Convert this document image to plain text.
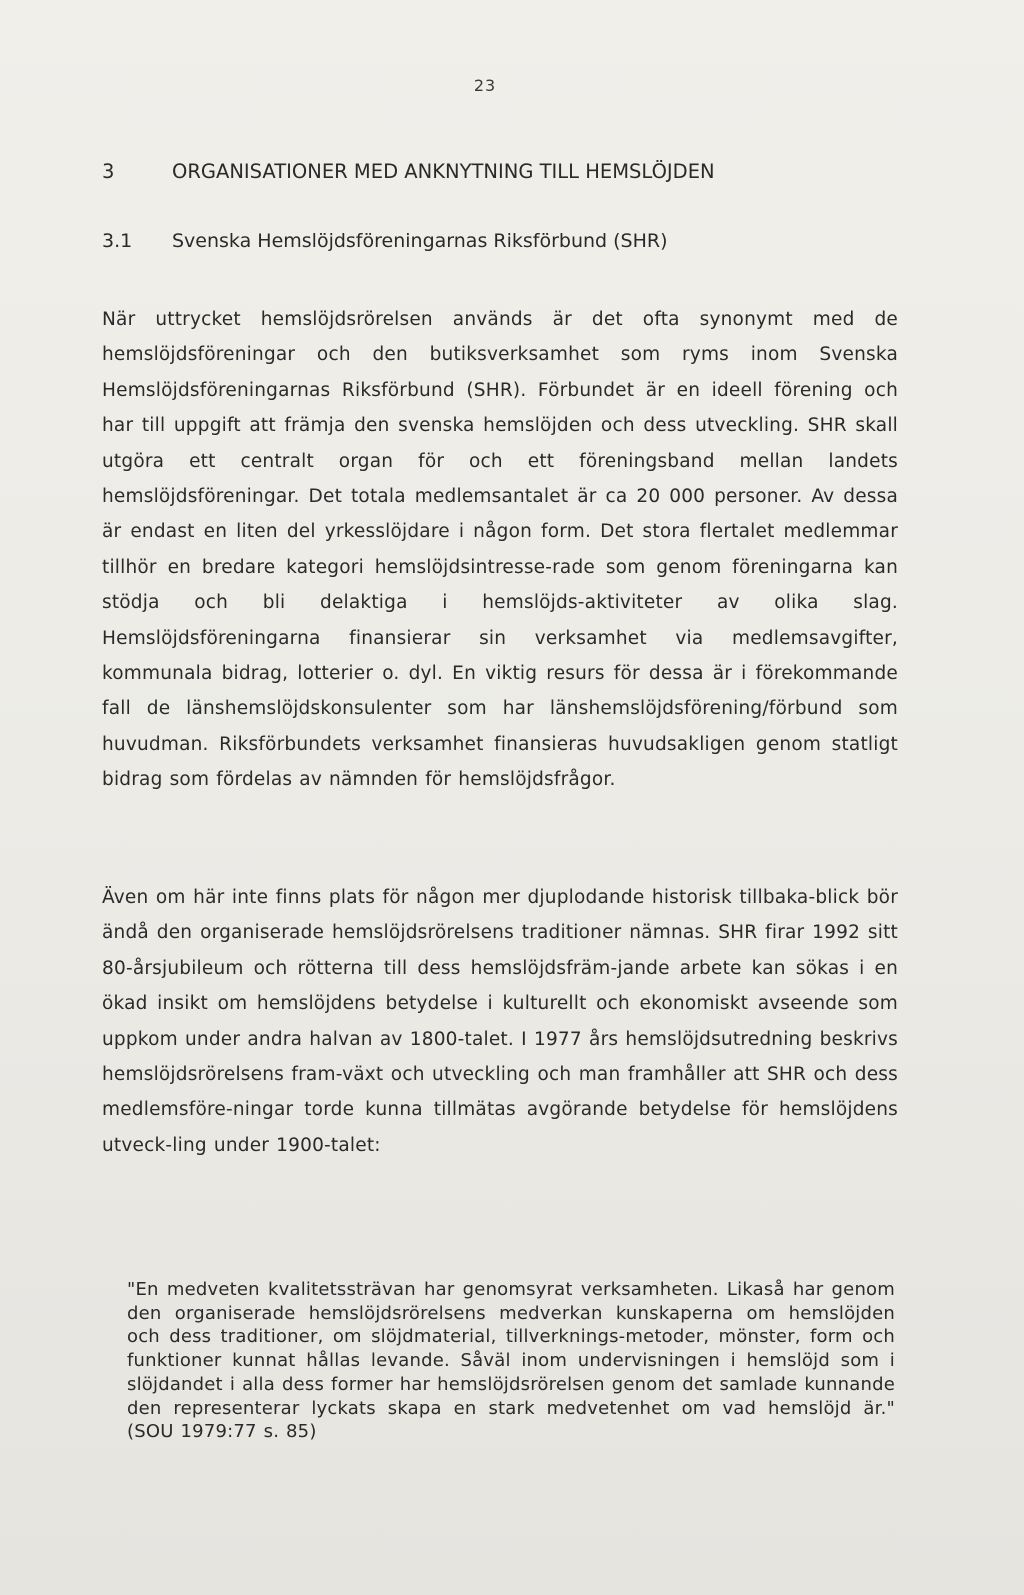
23
3	ORGANISATIONER MED ANKNYTNING TILL HEMSLÖJDEN
3.1 Svenska Hemslöjdsföreningarnas Riksförbund (SHR)

När uttrycket hemslöjdsrörelsen används är det ofta synonymt med de hemslöjdsföreningar och den butiksverksamhet som ryms inom Svenska Hemslöjdsföreningarnas Riksförbund (SHR). Förbundet är en ideell förening och har till uppgift att främja den svenska hemslöjden och dess utveckling. SHR skall utgöra ett centralt organ för och ett föreningsband mellan landets hemslöjdsföreningar. Det totala medlemsantalet är ca 20 000 personer. Av dessa är endast en liten del yrkesslöjdare i någon form. Det stora flertalet medlemmar tillhör en bredare kategori hemslöjdsintresse-rade som genom föreningarna kan stödja och bli delaktiga i hemslöjds-aktiviteter av olika slag. Hemslöjdsföreningarna finansierar sin verksamhet via medlemsavgifter, kommunala bidrag, lotterier o. dyl. En viktig resurs för dessa är i förekommande fall de länshemslöjdskonsulenter som har länshemslöjdsförening/förbund som huvudman. Riksförbundets verksamhet finansieras huvudsakligen genom statligt bidrag som fördelas av nämnden för hemslöjdsfrågor.

Även om här inte finns plats för någon mer djuplodande historisk tillbaka-blick bör ändå den organiserade hemslöjdsrörelsens traditioner nämnas. SHR firar 1992 sitt 80-årsjubileum och rötterna till dess hemslöjdsfräm-jande arbete kan sökas i en ökad insikt om hemslöjdens betydelse i kulturellt och ekonomiskt avseende som uppkom under andra halvan av 1800-talet. I 1977 års hemslöjdsutredning beskrivs hemslöjdsrörelsens fram-växt och utveckling och man framhåller att SHR och dess medlemsföre-ningar torde kunna tillmätas avgörande betydelse för hemslöjdens utveck-ling under 1900-talet:

"En medveten kvalitetssträvan har genomsyrat verksamheten. Likaså har genom den organiserade hemslöjdsrörelsens medverkan kunskaperna om hemslöjden och dess traditioner, om slöjdmaterial, tillverknings-metoder, mönster, form och funktioner kunnat hållas levande. Såväl inom undervisningen i hemslöjd som i slöjdandet i alla dess former har hemslöjdsrörelsen genom det samlade kunnande den representerar lyckats skapa en stark medvetenhet om vad hemslöjd är." (SOU 1979:77 s. 85)
